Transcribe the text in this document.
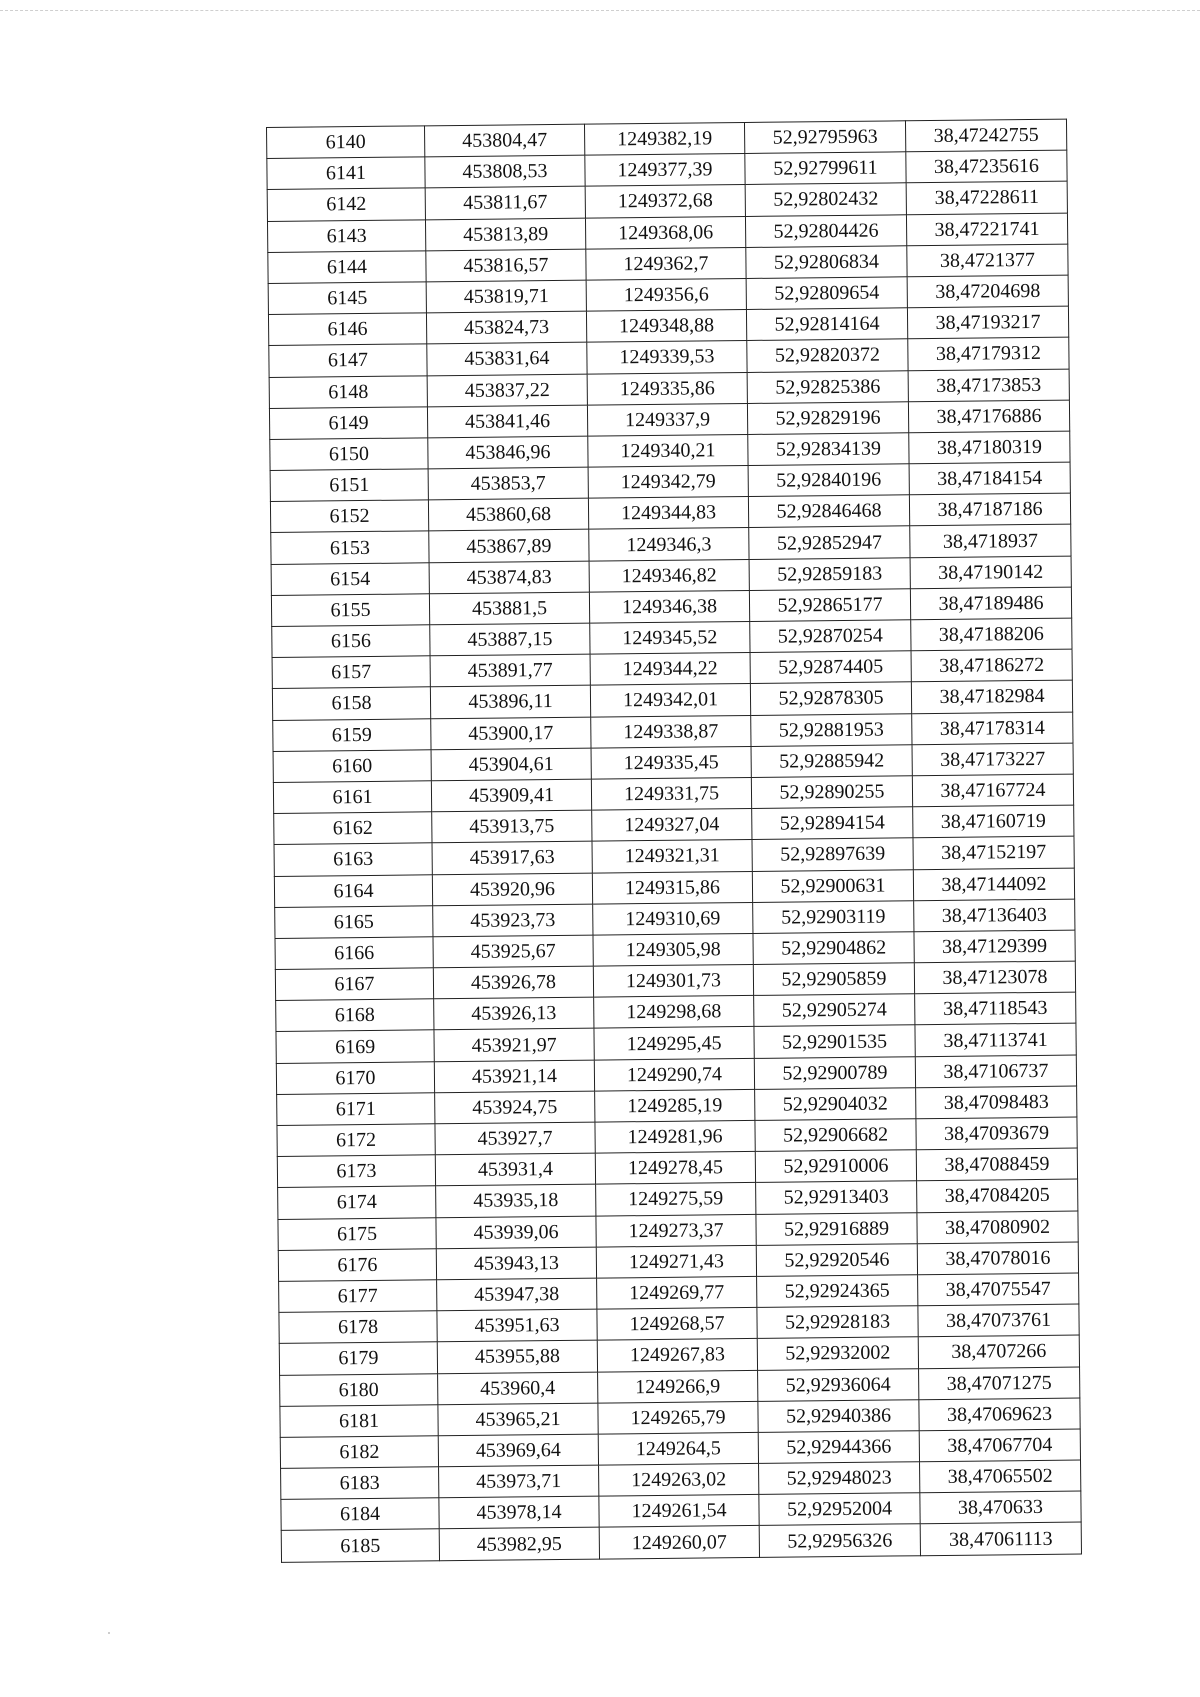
6140	453804,47	1249382,19	52,92795963	38,47242755
6141	453808,53	1249377,39	52,92799611	38,47235616
6142	453811,67	1249372,68	52,92802432	38,47228611
6143	453813,89	1249368,06	52,92804426	38,47221741
6144	453816,57	1249362,7	52,92806834	38,4721377
6145	453819,71	1249356,6	52,92809654	38,47204698
6146	453824,73	1249348,88	52,92814164	38,47193217
6147	453831,64	1249339,53	52,92820372	38,47179312
6148	453837,22	1249335,86	52,92825386	38,47173853
6149	453841,46	1249337,9	52,92829196	38,47176886
6150	453846,96	1249340,21	52,92834139	38,47180319
6151	453853,7	1249342,79	52,92840196	38,47184154
6152	453860,68	1249344,83	52,92846468	38,47187186
6153	453867,89	1249346,3	52,92852947	38,4718937
6154	453874,83	1249346,82	52,92859183	38,47190142
6155	453881,5	1249346,38	52,92865177	38,47189486
6156	453887,15	1249345,52	52,92870254	38,47188206
6157	453891,77	1249344,22	52,92874405	38,47186272
6158	453896,11	1249342,01	52,92878305	38,47182984
6159	453900,17	1249338,87	52,92881953	38,47178314
6160	453904,61	1249335,45	52,92885942	38,47173227
6161	453909,41	1249331,75	52,92890255	38,47167724
6162	453913,75	1249327,04	52,92894154	38,47160719
6163	453917,63	1249321,31	52,92897639	38,47152197
6164	453920,96	1249315,86	52,92900631	38,47144092
6165	453923,73	1249310,69	52,92903119	38,47136403
6166	453925,67	1249305,98	52,92904862	38,47129399
6167	453926,78	1249301,73	52,92905859	38,47123078
6168	453926,13	1249298,68	52,92905274	38,47118543
6169	453921,97	1249295,45	52,92901535	38,47113741
6170	453921,14	1249290,74	52,92900789	38,47106737
6171	453924,75	1249285,19	52,92904032	38,47098483
6172	453927,7	1249281,96	52,92906682	38,47093679
6173	453931,4	1249278,45	52,92910006	38,47088459
6174	453935,18	1249275,59	52,92913403	38,47084205
6175	453939,06	1249273,37	52,92916889	38,47080902
6176	453943,13	1249271,43	52,92920546	38,47078016
6177	453947,38	1249269,77	52,92924365	38,47075547
6178	453951,63	1249268,57	52,92928183	38,47073761
6179	453955,88	1249267,83	52,92932002	38,4707266
6180	453960,4	1249266,9	52,92936064	38,47071275
6181	453965,21	1249265,79	52,92940386	38,47069623
6182	453969,64	1249264,5	52,92944366	38,47067704
6183	453973,71	1249263,02	52,92948023	38,47065502
6184	453978,14	1249261,54	52,92952004	38,470633
6185	453982,95	1249260,07	52,92956326	38,47061113
